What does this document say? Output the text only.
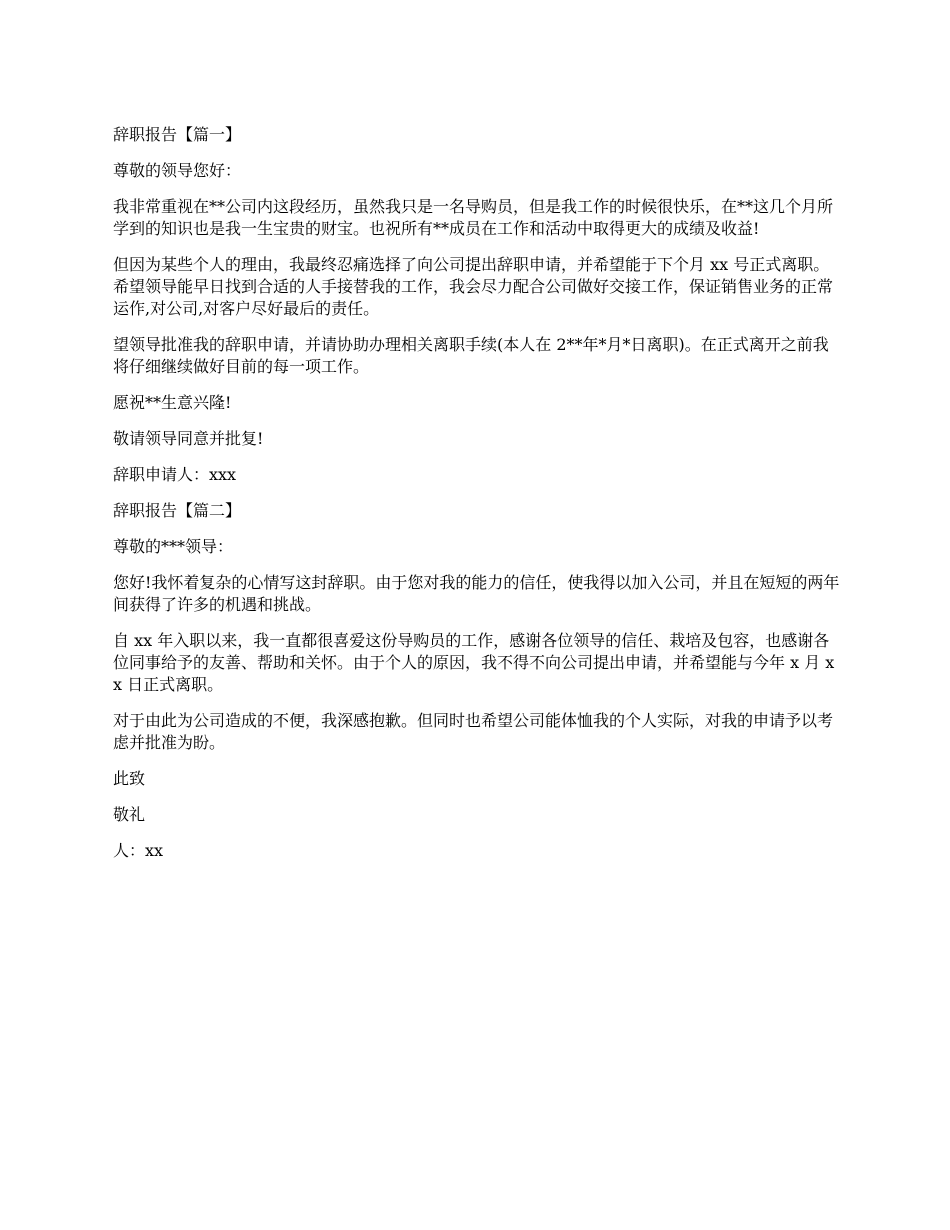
辞职报告【篇一】

尊敬的领导您好：

我非常重视在**公司内这段经历，虽然我只是一名导购员，但是我工作的时候很快乐，在**这几个月所学到的知识也是我一生宝贵的财宝。也祝所有**成员在工作和活动中取得更大的成绩及收益!

但因为某些个人的理由，我最终忍痛选择了向公司提出辞职申请，并希望能于下个月 xx 号正式离职。希望领导能早日找到合适的人手接替我的工作，我会尽力配合公司做好交接工作，保证销售业务的正常运作,对公司,对客户尽好最后的责任。

望领导批准我的辞职申请，并请协助办理相关离职手续(本人在 2**年*月*日离职)。在正式离开之前我将仔细继续做好目前的每一项工作。

愿祝**生意兴隆!

敬请领导同意并批复!

辞职申请人：xxx

辞职报告【篇二】

尊敬的***领导：

您好!我怀着复杂的心情写这封辞职。由于您对我的能力的信任，使我得以加入公司，并且在短短的两年间获得了许多的机遇和挑战。

自 xx 年入职以来，我一直都很喜爱这份导购员的工作，感谢各位领导的信任、栽培及包容，也感谢各位同事给予的友善、帮助和关怀。由于个人的原因，我不得不向公司提出申请，并希望能与今年 x 月 xx 日正式离职。

对于由此为公司造成的不便，我深感抱歉。但同时也希望公司能体恤我的个人实际，对我的申请予以考虑并批准为盼。

此致

敬礼

人：xx
